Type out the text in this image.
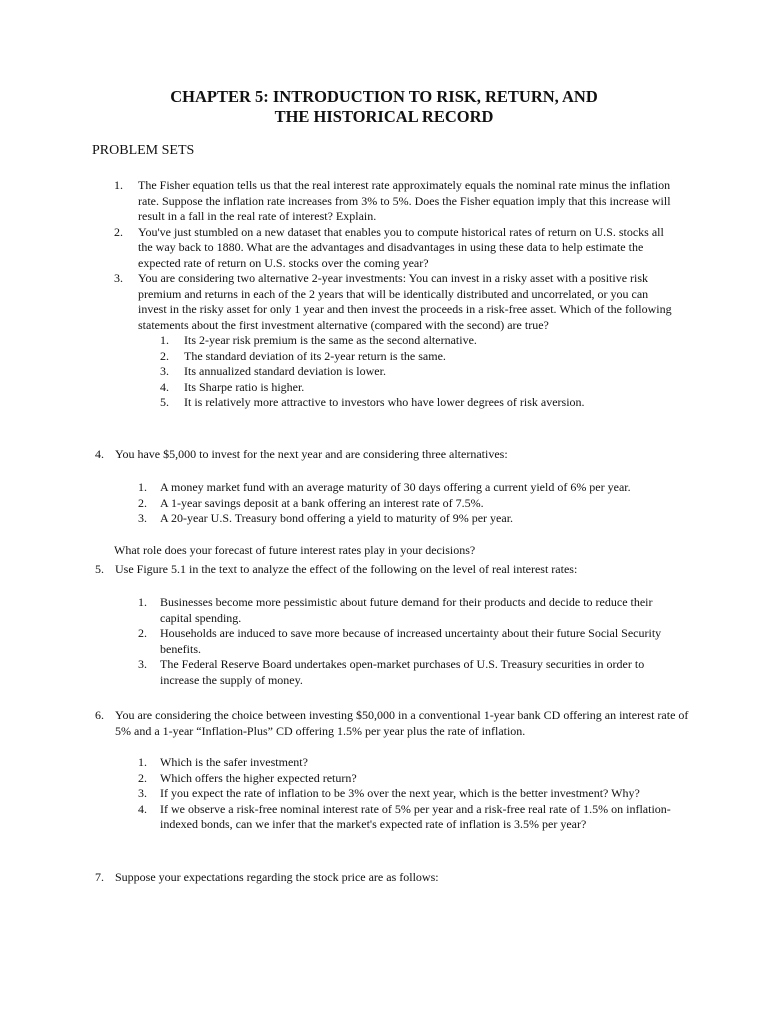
CHAPTER 5: INTRODUCTION TO RISK, RETURN, AND
THE HISTORICAL RECORD
PROBLEM SETS
1.	The Fisher equation tells us that the real interest rate approximately equals the nominal rate minus the inflation rate. Suppose the inflation rate increases from 3% to 5%. Does the Fisher equation imply that this increase will result in a fall in the real rate of interest? Explain.
2.	You've just stumbled on a new dataset that enables you to compute historical rates of return on U.S. stocks all the way back to 1880. What are the advantages and disadvantages in using these data to help estimate the expected rate of return on U.S. stocks over the coming year?
3.	You are considering two alternative 2-year investments: You can invest in a risky asset with a positive risk premium and returns in each of the 2 years that will be identically distributed and uncorrelated, or you can invest in the risky asset for only 1 year and then invest the proceeds in a risk-free asset. Which of the following statements about the first investment alternative (compared with the second) are true?
1.	Its 2-year risk premium is the same as the second alternative.
2.	The standard deviation of its 2-year return is the same.
3.	Its annualized standard deviation is lower.
4.	Its Sharpe ratio is higher.
5.	It is relatively more attractive to investors who have lower degrees of risk aversion.
4. You have $5,000 to invest for the next year and are considering three alternatives:
1.	A money market fund with an average maturity of 30 days offering a current yield of 6% per year.
2.	A 1-year savings deposit at a bank offering an interest rate of 7.5%.
3.	A 20-year U.S. Treasury bond offering a yield to maturity of 9% per year.
What role does your forecast of future interest rates play in your decisions?
5. Use Figure 5.1 in the text to analyze the effect of the following on the level of real interest rates:
1.	Businesses become more pessimistic about future demand for their products and decide to reduce their capital spending.
2.	Households are induced to save more because of increased uncertainty about their future Social Security benefits.
3.	The Federal Reserve Board undertakes open-market purchases of U.S. Treasury securities in order to increase the supply of money.
6. You are considering the choice between investing $50,000 in a conventional 1-year bank CD offering an interest rate of 5% and a 1-year “Inflation-Plus” CD offering 1.5% per year plus the rate of inflation.
1.	Which is the safer investment?
2.	Which offers the higher expected return?
3.	If you expect the rate of inflation to be 3% over the next year, which is the better investment? Why?
4.	If we observe a risk-free nominal interest rate of 5% per year and a risk-free real rate of 1.5% on inflation-indexed bonds, can we infer that the market's expected rate of inflation is 3.5% per year?
7. Suppose your expectations regarding the stock price are as follows:
